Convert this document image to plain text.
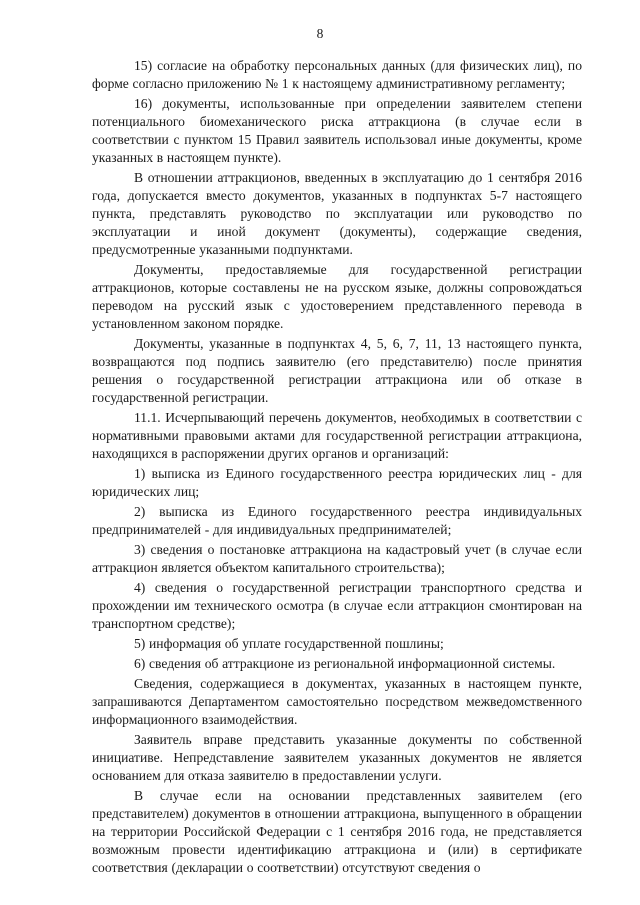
8

15) согласие на обработку персональных данных (для физических лиц), по форме согласно приложению № 1 к настоящему административному регламенту;

16) документы, использованные при определении заявителем степени потенциального биомеханического риска аттракциона (в случае если в соответствии с пунктом 15 Правил заявитель использовал иные документы, кроме указанных в настоящем пункте).

В отношении аттракционов, введенных в эксплуатацию до 1 сентября 2016 года, допускается вместо документов, указанных в подпунктах 5-7 настоящего пункта, представлять руководство по эксплуатации или руководство по эксплуатации и иной документ (документы), содержащие сведения, предусмотренные указанными подпунктами.

Документы, предоставляемые для государственной регистрации аттракционов, которые составлены не на русском языке, должны сопровождаться переводом на русский язык с удостоверением представленного перевода в установленном законом порядке.

Документы, указанные в подпунктах 4, 5, 6, 7, 11, 13 настоящего пункта, возвращаются под подпись заявителю (его представителю) после принятия решения о государственной регистрации аттракциона или об отказе в государственной регистрации.

11.1. Исчерпывающий перечень документов, необходимых в соответствии с нормативными правовыми актами для государственной регистрации аттракциона, находящихся в распоряжении других органов и организаций:

1) выписка из Единого государственного реестра юридических лиц - для юридических лиц;

2) выписка из Единого государственного реестра индивидуальных предпринимателей - для индивидуальных предпринимателей;

3) сведения о постановке аттракциона на кадастровый учет (в случае если аттракцион является объектом капитального строительства);

4) сведения о государственной регистрации транспортного средства и прохождении им технического осмотра (в случае если аттракцион смонтирован на транспортном средстве);

5) информация об уплате государственной пошлины;

6) сведения об аттракционе из региональной информационной системы.

Сведения, содержащиеся в документах, указанных в настоящем пункте, запрашиваются Департаментом самостоятельно посредством межведомственного информационного взаимодействия.

Заявитель вправе представить указанные документы по собственной инициативе. Непредставление заявителем указанных документов не является основанием для отказа заявителю в предоставлении услуги.

В случае если на основании представленных заявителем (его представителем) документов в отношении аттракциона, выпущенного в обращении на территории Российской Федерации с 1 сентября 2016 года, не представляется возможным провести идентификацию аттракциона и (или) в сертификате соответствия (декларации о соответствии) отсутствуют сведения о
